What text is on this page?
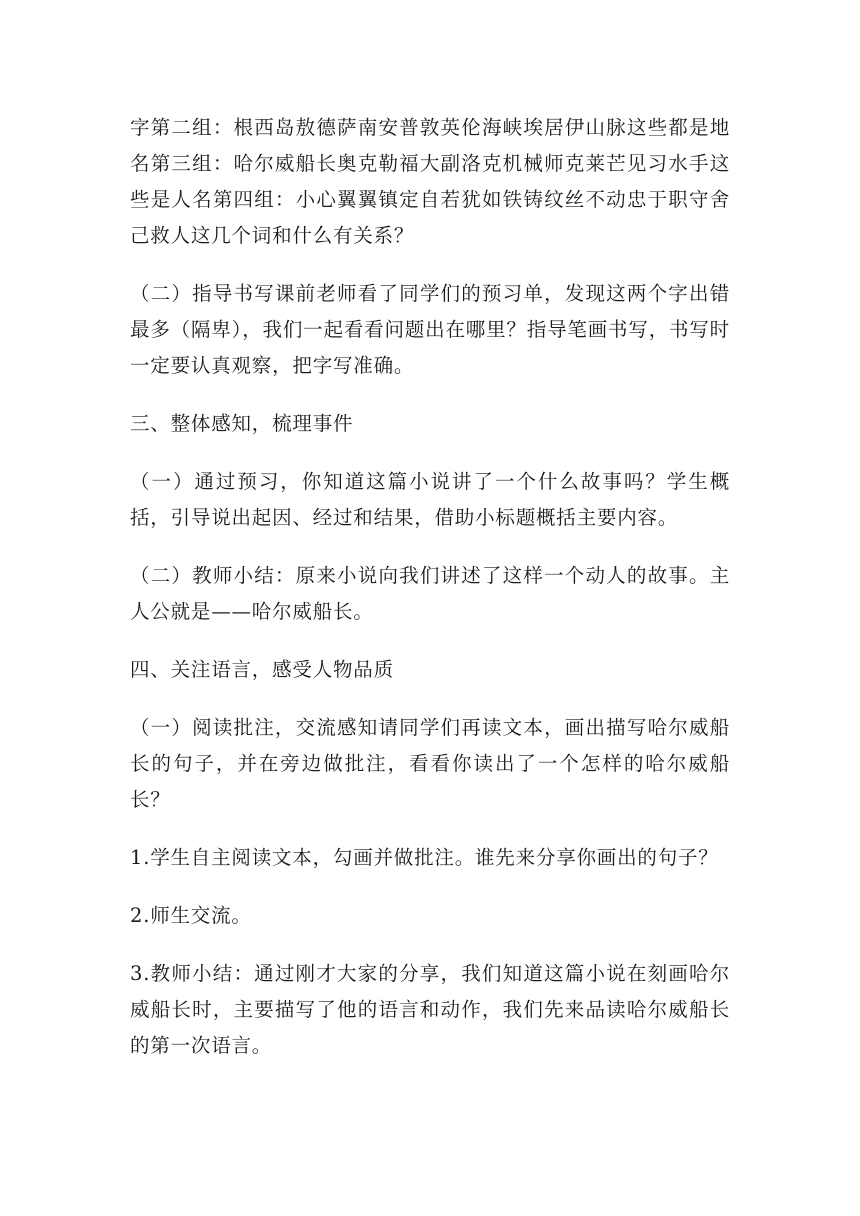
字第二组：根西岛敖德萨南安普敦英伦海峡埃居伊山脉这些都是地名第三组：哈尔威船长奥克勒福大副洛克机械师克莱芒见习水手这些是人名第四组：小心翼翼镇定自若犹如铁铸纹丝不动忠于职守舍己救人这几个词和什么有关系？

（二）指导书写课前老师看了同学们的预习单，发现这两个字出错最多（隔卑），我们一起看看问题出在哪里？指导笔画书写，书写时一定要认真观察，把字写准确。

三、整体感知，梳理事件

（一）通过预习，你知道这篇小说讲了一个什么故事吗？学生概括，引导说出起因、经过和结果，借助小标题概括主要内容。

（二）教师小结：原来小说向我们讲述了这样一个动人的故事。主人公就是——哈尔威船长。

四、关注语言，感受人物品质

（一）阅读批注，交流感知请同学们再读文本，画出描写哈尔威船长的句子，并在旁边做批注，看看你读出了一个怎样的哈尔威船长？

1.学生自主阅读文本，勾画并做批注。谁先来分享你画出的句子？

2.师生交流。

3.教师小结：通过刚才大家的分享，我们知道这篇小说在刻画哈尔威船长时，主要描写了他的语言和动作，我们先来品读哈尔威船长的第一次语言。
